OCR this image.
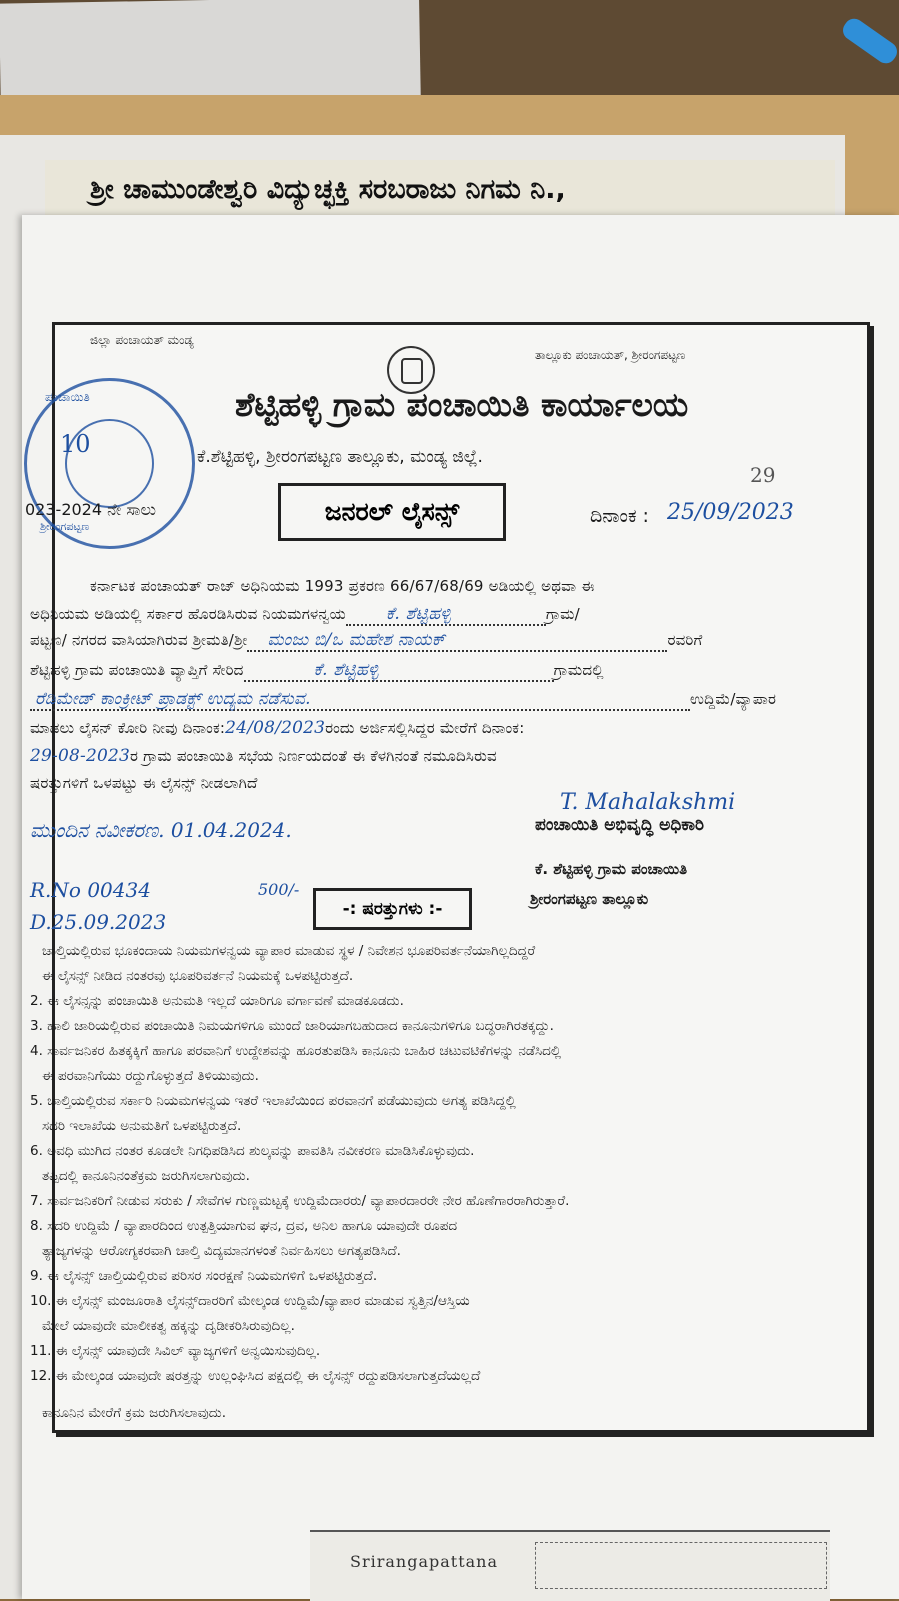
ಶ್ರೀ ಚಾಮುಂಡೇಶ್ವರಿ ವಿದ್ಯುಚ್ಛಕ್ತಿ ಸರಬರಾಜು ನಿಗಮ ನಿ.,
Srirangapattana
ಜಿಲ್ಲಾ ಪಂಚಾಯತ್ ಮಂಡ್ಯ
ತಾಲ್ಲೂಕು ಪಂಚಾಯತ್, ಶ್ರೀರಂಗಪಟ್ಟಣ
ಪಂಚಾಯಿತಿ
ಶ್ರೀರಂಗಪಟ್ಟಣ
ಶೆಟ್ಟಿಹಳ್ಳಿ ಗ್ರಾಮ ಪಂಚಾಯಿತಿ ಕಾರ್ಯಾಲಯ
ಕೆ.ಶೆಟ್ಟಿಹಳ್ಳಿ, ಶ್ರೀರಂಗಪಟ್ಟಣ ತಾಲ್ಲೂಕು, ಮಂಡ್ಯ ಜಿಲ್ಲೆ.
10
023-2024 ನೇ ಸಾಲು	ಜನರಲ್ ಲೈಸನ್ಸ್
29
ದಿನಾಂಕ : 25/09/2023
ಕರ್ನಾಟಕ ಪಂಚಾಯತ್ ರಾಜ್ ಅಧಿನಿಯಮ 1993 ಪ್ರಕರಣ 66/67/68/69 ಅಡಿಯಲ್ಲಿ ಅಥವಾ ಈ
ಅಧಿನಿಯಮ ಅಡಿಯಲ್ಲಿ ಸರ್ಕಾರ ಹೊರಡಿಸಿರುವ ನಿಯಮಗಳನ್ವಯ ಕೆ. ಶೆಟ್ಟಿಹಳ್ಳಿ	ಗ್ರಾಮ/
ಪಟ್ಟಣ/ ನಗರದ ವಾಸಿಯಾಗಿರುವ ಶ್ರೀಮತಿ/ಶ್ರೀ ಮಂಜು ಬಿ/ಒ ಮಹೇಶ ನಾಯಕ್	ರವರಿಗೆ
ಶೆಟ್ಟಿಹಳ್ಳಿ ಗ್ರಾಮ ಪಂಚಾಯಿತಿ ವ್ಯಾಪ್ತಿಗೆ ಸೇರಿದ	ಕೆ. ಶೆಟ್ಟಿಹಳ್ಳಿ	ಗ್ರಾಮದಲ್ಲಿ
ರೆಡಿಮೇಡ್ ಕಾಂಕ್ರೀಟ್ ಪ್ರಾಡಕ್ಟ್ ಉದ್ಯಮ ನಡೆಸುವ.	ಉದ್ದಿಮೆ/ವ್ಯಾಪಾರ
ಮಾಡಲು ಲೈಸನ್ ಕೋರಿ ನೀವು ದಿನಾಂಕ:24/08/2023ರಂದು ಅರ್ಜಿಸಲ್ಲಿಸಿದ್ದರ ಮೇರೆಗೆ ದಿನಾಂಕ:
29-08-2023ರ ಗ್ರಾಮ ಪಂಚಾಯಿತಿ ಸಭೆಯ ನಿರ್ಣಯದಂತೆ ಈ ಕೆಳಗಿನಂತೆ ನಮೂದಿಸಿರುವ
ಷರತ್ತುಗಳಿಗೆ ಒಳಪಟ್ಟು ಈ ಲೈಸನ್ಸ್ ನೀಡಲಾಗಿದೆ
ಮುಂದಿನ ನವೀಕರಣ. 01.04.2024.
T. Mahalakshmi
ಪಂಚಾಯಿತಿ ಅಭಿವೃದ್ಧಿ ಅಧಿಕಾರಿ
ಕೆ. ಶೆಟ್ಟಿಹಳ್ಳಿ ಗ್ರಾಮ ಪಂಚಾಯಿತಿ
ಶ್ರೀರಂಗಪಟ್ಟಣ ತಾಲ್ಲೂಕು
R.No 00434
D.25.09.2023
500/-
-: ಷರತ್ತುಗಳು :-
ಚಾಲ್ತಿಯಲ್ಲಿರುವ ಭೂಕಂದಾಯ ನಿಯಮಗಳನ್ವಯ ವ್ಯಾಪಾರ ಮಾಡುವ ಸ್ಥಳ / ನಿವೇಶನ ಭೂಪರಿವರ್ತನೆಯಾಗಿಲ್ಲದಿದ್ದರೆ
ಈ ಲೈಸನ್ಸ್ ನೀಡಿದ ನಂತರವು ಭೂಪರಿವರ್ತನೆ ನಿಯಮಕ್ಕೆ ಒಳಪಟ್ಟಿರುತ್ತದೆ.
2. ಈ ಲೈಸನ್ಸನ್ನು ಪಂಚಾಯಿತಿ ಅನುಮತಿ ಇಲ್ಲದೆ ಯಾರಿಗೂ ವರ್ಗಾವಣೆ ಮಾಡಕೂಡದು.
3. ಹಾಲಿ ಜಾರಿಯಲ್ಲಿರುವ ಪಂಚಾಯಿತಿ ನಿಮಯಗಳಿಗೂ ಮುಂದೆ ಜಾರಿಯಾಗಬಹುದಾದ ಕಾನೂನುಗಳಿಗೂ ಬದ್ಧರಾಗಿರತಕ್ಕದ್ದು.
4. ಸಾರ್ವಜನಿಕರ ಹಿತಕ್ಕಕ್ಕಿಗೆ ಹಾಗೂ ಪರವಾನಿಗೆ ಉದ್ದೇಶವನ್ನು ಹೂರತುಪಡಿಸಿ ಕಾನೂನು ಬಾಹಿರ ಚಟುವಟಿಕೆಗಳನ್ನು ನಡೆಸಿದಲ್ಲಿ
ಈ ಪರವಾನಿಗೆಯು ರದ್ದುಗೊಳ್ಳುತ್ತದೆ ತಿಳಿಯುವುದು.
5. ಚಾಲ್ತಿಯಲ್ಲಿರುವ ಸರ್ಕಾರಿ ನಿಯಮಗಳನ್ವಯ ಇತರೆ ಇಲಾಖೆಯಿಂದ ಪರವಾನಗೆ ಪಡೆಯುವುದು ಅಗತ್ಯ ಪಡಿಸಿದ್ದಲ್ಲಿ
ಸದರಿ ಇಲಾಖೆಯ ಅನುಮತಿಗೆ ಒಳಪಟ್ಟಿರುತ್ತದೆ.
6. ಅವಧಿ ಮುಗಿದ ನಂತರ ಕೂಡಲೇ ನಿಗಧಿಪಡಿಸಿದ ಶುಲ್ಕವನ್ನು ಪಾವತಿಸಿ ನವೀಕರಣ ಮಾಡಿಸಿಕೊಳ್ಳುವುದು.
ತಪ್ಪಿದಲ್ಲಿ ಕಾನೂನಿನಂತೆಕ್ರಮ ಜರುಗಿಸಲಾಗುವುದು.
7. ಸಾರ್ವಜನಿಕರಿಗೆ ನೀಡುವ ಸರುಕು / ಸೇವೆಗಳ ಗುಣ್ಣಮಟ್ಟಕ್ಕೆ ಉದ್ದಿಮೆದಾರರು/ ವ್ಯಾಪಾರದಾರರೇ ನೇರ ಹೊಣೆಗಾರರಾಗಿರುತ್ತಾರೆ.
8. ಸದರಿ ಉದ್ದಿಮೆ / ವ್ಯಾಪಾರದಿಂದ ಉತ್ಪತ್ತಿಯಾಗುವ ಘನ, ದ್ರವ, ಅನಿಲ ಹಾಗೂ ಯಾವುದೇ ರೂಪದ
ತ್ಯಾಜ್ಯಗಳನ್ನು ಆರೋಗ್ಯಕರವಾಗಿ ಚಾಲ್ತಿ ವಿದ್ಯಮಾನಗಳಂತೆ ನಿರ್ವಹಿಸಲು ಅಗತ್ಯಪಡಿಸಿದೆ.
9. ಈ ಲೈಸನ್ಸ್ ಚಾಲ್ತಿಯಲ್ಲಿರುವ ಪರಿಸರ ಸಂರಕ್ಷಣೆ ನಿಯಮಗಳಿಗೆ ಒಳಪಟ್ಟಿರುತ್ತದೆ.
10. ಈ ಲೈಸನ್ಸ್ ಮಂಜೂರಾತಿ ಲೈಸನ್ಸ್‌ದಾರರಿಗೆ ಮೇಲ್ಕಂಡ ಉದ್ದಿಮೆ/ವ್ಯಾಪಾರ ಮಾಡುವ ಸ್ವತ್ತಿನ/ಆಸ್ತಿಯ
ಮೇಲೆ ಯಾವುದೇ ಮಾಲೀಕತ್ವ ಹಕ್ಕನ್ನು ದೃಡೀಕರಿಸಿರುವುದಿಲ್ಲ.
11. ಈ ಲೈಸನ್ಸ್ ಯಾವುದೇ ಸಿವಿಲ್ ವ್ಯಾಜ್ಯಗಳಿಗೆ ಅನ್ವಯಿಸುವುದಿಲ್ಲ.
12. ಈ ಮೇಲ್ಕಂಡ ಯಾವುದೇ ಷರತ್ತನ್ನು ಉಲ್ಲಂಘಿಸಿದ ಪಕ್ಷದಲ್ಲಿ ಈ ಲೈಸನ್ಸ್ ರದ್ದುಪಡಿಸಲಾಗುತ್ತದೆಯಲ್ಲದೆ
ಕಾನೂನಿನ ಮೇರೆಗೆ ಕ್ರಮ ಜರುಗಿಸಲಾವುದು.
